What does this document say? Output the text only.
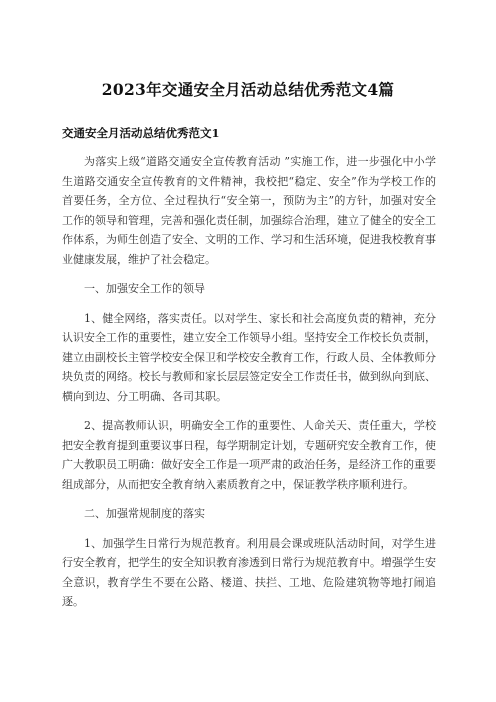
2023年交通安全月活动总结优秀范文4篇
交通安全月活动总结优秀范文1

为落实上级“道路交通安全宣传教育活动 ”实施工作，进一步强化中小学生道路交通安全宣传教育的文件精神，我校把“稳定、安全”作为学校工作的首要任务，全方位、全过程执行“安全第一，预防为主”的方针，加强对安全工作的领导和管理，完善和强化责任制，加强综合治理，建立了健全的安全工作体系，为师生创造了安全、文明的工作、学习和生活环境，促进我校教育事业健康发展，维护了社会稳定。

一、加强安全工作的领导

1、健全网络，落实责任。以对学生、家长和社会高度负责的精神，充分认识安全工作的重要性，建立安全工作领导小组。坚持安全工作校长负责制，建立由副校长主管学校安全保卫和学校安全教育工作，行政人员、全体教师分块负责的网络。校长与教师和家长层层签定安全工作责任书，做到纵向到底、横向到边、分工明确、各司其职。

2、提高教师认识，明确安全工作的重要性、人命关天、责任重大，学校把安全教育提到重要议事日程，每学期制定计划，专题研究安全教育工作，使广大教职员工明确：做好安全工作是一项严肃的政治任务，是经济工作的重要组成部分，从而把安全教育纳入素质教育之中，保证教学秩序顺利进行。

二、加强常规制度的落实

1、加强学生日常行为规范教育。利用晨会课或班队活动时间，对学生进行安全教育，把学生的安全知识教育渗透到日常行为规范教育中。增强学生安全意识，教育学生不要在公路、楼道、扶拦、工地、危险建筑物等地打闹追逐。
